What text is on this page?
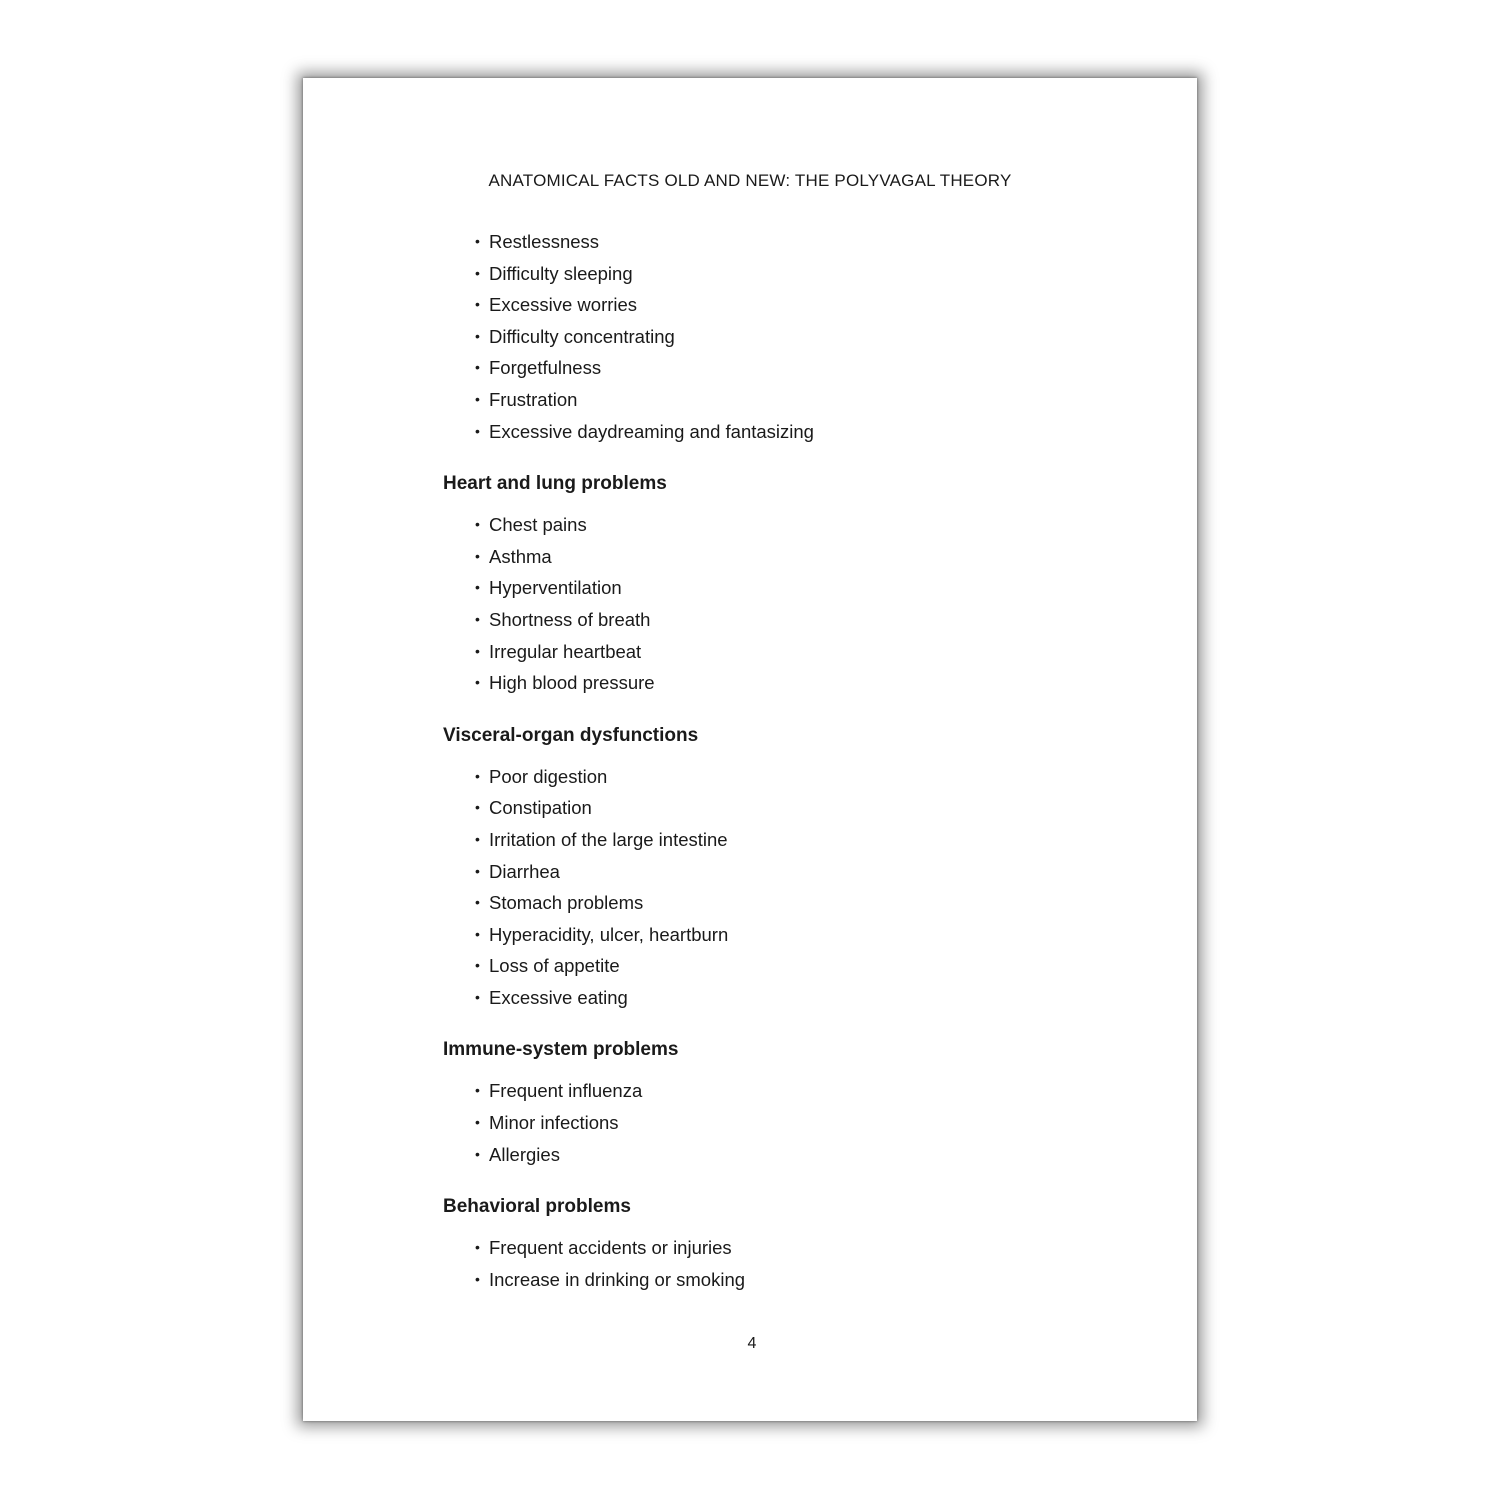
ANATOMICAL FACTS OLD AND NEW: THE POLYVAGAL THEORY
• Restlessness
• Difficulty sleeping
• Excessive worries
• Difficulty concentrating
• Forgetfulness
• Frustration
• Excessive daydreaming and fantasizing
Heart and lung problems
• Chest pains
• Asthma
• Hyperventilation
• Shortness of breath
• Irregular heartbeat
• High blood pressure
Visceral-organ dysfunctions
• Poor digestion
• Constipation
• Irritation of the large intestine
• Diarrhea
• Stomach problems
• Hyperacidity, ulcer, heartburn
• Loss of appetite
• Excessive eating
Immune-system problems
• Frequent influenza
• Minor infections
• Allergies
Behavioral problems
• Frequent accidents or injuries
• Increase in drinking or smoking

4
